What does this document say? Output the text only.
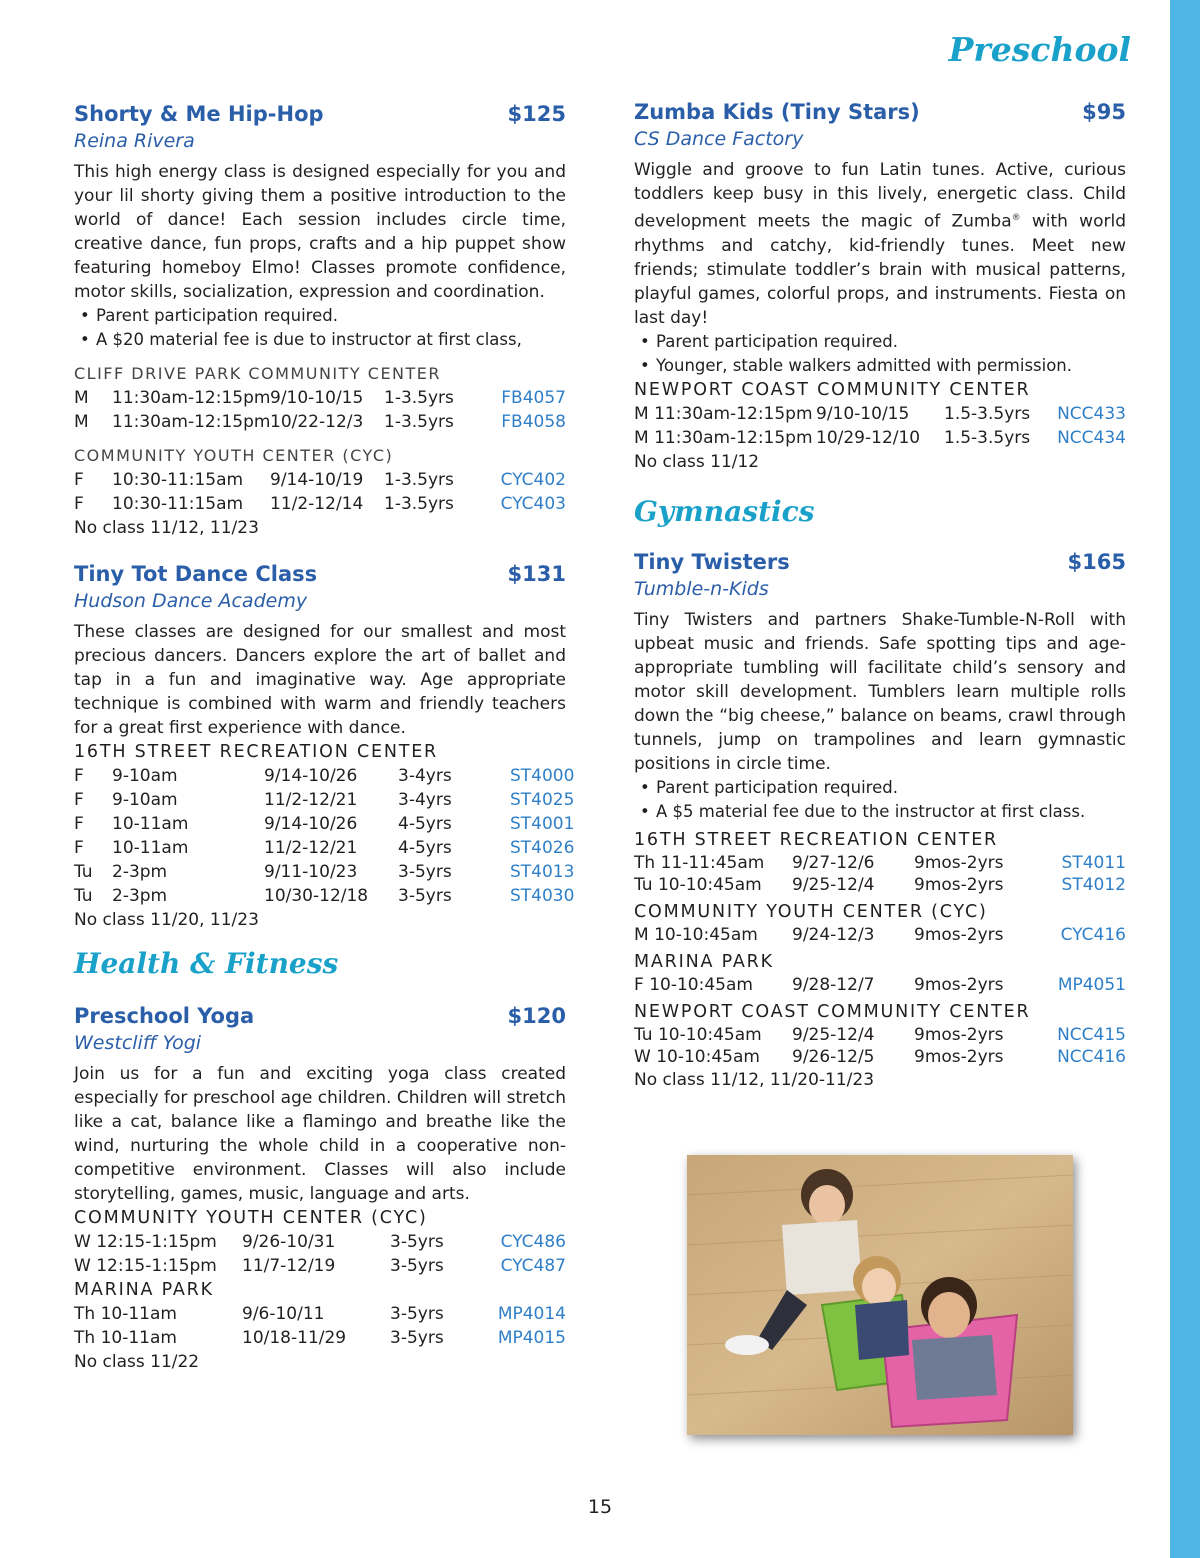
Preschool
Shorty & Me Hip-Hop	$125
Reina Rivera
This high energy class is designed especially for you and your lil shorty giving them a positive introduction to the world of dance! Each session includes circle time, creative dance, fun props, crafts and a hip puppet show featuring homeboy Elmo! Classes promote confidence, motor skills, socialization, expression and coordination.
• Parent participation required.
• A $20 material fee is due to instructor at first class,
CLIFF DRIVE PARK COMMUNITY CENTER
M	11:30am-12:15pm 9/10-10/15	1-3.5yrs	FB4057
M	11:30am-12:15pm 10/22-12/3	1-3.5yrs	FB4058
COMMUNITY YOUTH CENTER (CYC)
F	10:30-11:15am	9/14-10/19	1-3.5yrs	CYC402
F	10:30-11:15am	11/2-12/14	1-3.5yrs	CYC403
No class 11/12, 11/23
Tiny Tot Dance Class	$131
Hudson Dance Academy
These classes are designed for our smallest and most precious dancers. Dancers explore the art of ballet and tap in a fun and imaginative way. Age appropriate technique is combined with warm and friendly teachers for a great first experience with dance.
16TH STREET RECREATION CENTER
F	9-10am	9/14-10/26	3-4yrs	ST4000
F	9-10am	11/2-12/21	3-4yrs	ST4025
F	10-11am	9/14-10/26	4-5yrs	ST4001
F	10-11am	11/2-12/21	4-5yrs	ST4026
Tu	2-3pm	9/11-10/23	3-5yrs	ST4013
Tu	2-3pm	10/30-12/18	3-5yrs	ST4030
No class 11/20, 11/23
Health & Fitness
Preschool Yoga	$120
Westcliff Yogi
Join us for a fun and exciting yoga class created especially for preschool age children. Children will stretch like a cat, balance like a flamingo and breathe like the wind, nurturing the whole child in a cooperative non-competitive environment. Classes will also include storytelling, games, music, language and arts.
COMMUNITY YOUTH CENTER (CYC)
W 12:15-1:15pm	9/26-10/31	3-5yrs	CYC486
W 12:15-1:15pm	11/7-12/19	3-5yrs	CYC487
MARINA PARK
Th 10-11am	9/6-10/11	3-5yrs	MP4014
Th 10-11am	10/18-11/29	3-5yrs	MP4015
No class 11/22
Zumba Kids (Tiny Stars)	$95
CS Dance Factory
Wiggle and groove to fun Latin tunes. Active, curious toddlers keep busy in this lively, energetic class. Child development meets the magic of Zumba® with world rhythms and catchy, kid-friendly tunes. Meet new friends; stimulate toddler’s brain with musical patterns, playful games, colorful props, and instruments. Fiesta on last day!
• Parent participation required.
• Younger, stable walkers admitted with permission.
NEWPORT COAST COMMUNITY CENTER
M 11:30am-12:15pm 9/10-10/15	1.5-3.5yrs	NCC433
M 11:30am-12:15pm 10/29-12/10	1.5-3.5yrs	NCC434
No class 11/12
Gymnastics
Tiny Twisters	$165
Tumble-n-Kids
Tiny Twisters and partners Shake-Tumble-N-Roll with upbeat music and friends. Safe spotting tips and age-appropriate tumbling will facilitate child’s sensory and motor skill development. Tumblers learn multiple rolls down the “big cheese,” balance on beams, crawl through tunnels, jump on trampolines and learn gymnastic positions in circle time.
• Parent participation required.
• A $5 material fee due to the instructor at first class.
16TH STREET RECREATION CENTER
Th 11-11:45am	9/27-12/6	9mos-2yrs	ST4011
Tu 10-10:45am	9/25-12/4	9mos-2yrs	ST4012
COMMUNITY YOUTH CENTER (CYC)
M 10-10:45am	9/24-12/3	9mos-2yrs	CYC416
MARINA PARK
F 10-10:45am	9/28-12/7	9mos-2yrs	MP4051
NEWPORT COAST COMMUNITY CENTER
Tu 10-10:45am	9/25-12/4	9mos-2yrs	NCC415
W 10-10:45am	9/26-12/5	9mos-2yrs	NCC416
No class 11/12, 11/20-11/23
15
